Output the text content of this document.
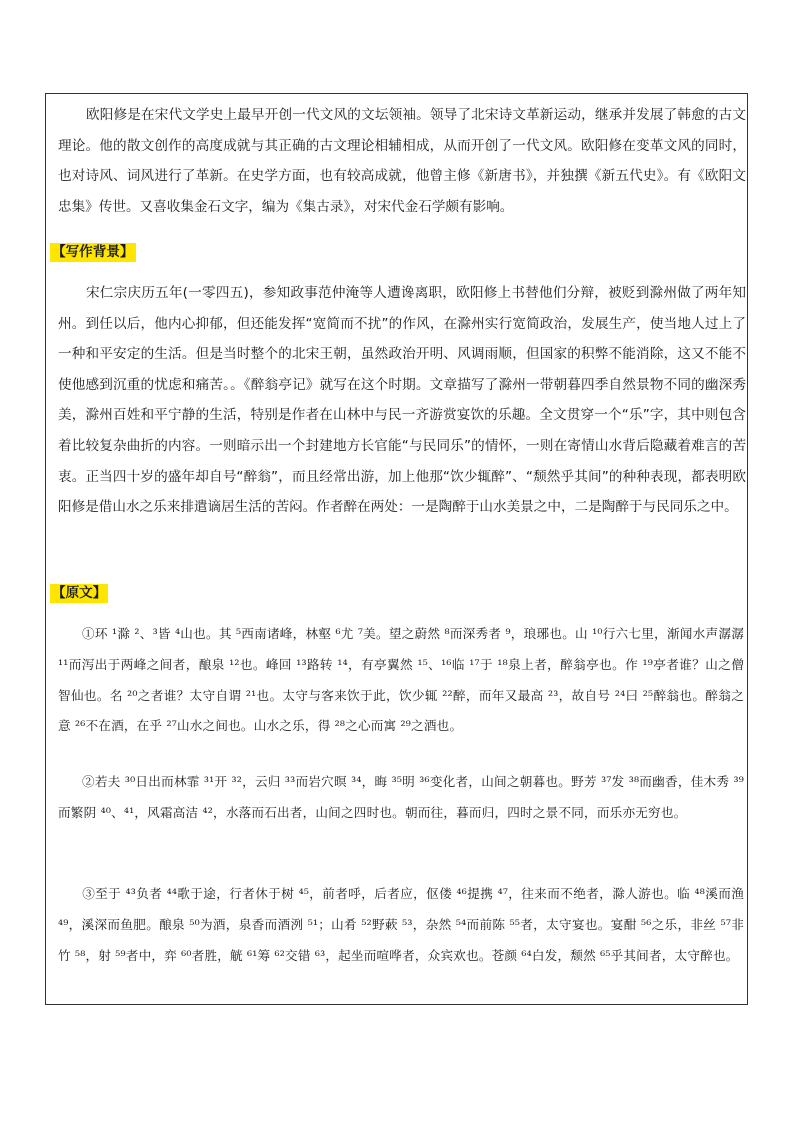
欧阳修是在宋代文学史上最早开创一代文风的文坛领袖。领导了北宋诗文革新运动，继承并发展了韩愈的古文理论。他的散文创作的高度成就与其正确的古文理论相辅相成，从而开创了一代文风。欧阳修在变革文风的同时，也对诗风、词风进行了革新。在史学方面，也有较高成就，他曾主修《新唐书》，并独撰《新五代史》。有《欧阳文忠集》传世。又喜收集金石文字，编为《集古录》，对宋代金石学颇有影响。

【写作背景】

宋仁宗庆历五年(一零四五)，参知政事范仲淹等人遭谗离职，欧阳修上书替他们分辩，被贬到滁州做了两年知州。到任以后，他内心抑郁，但还能发挥“宽简而不扰”的作风，在滁州实行宽简政治，发展生产，使当地人过上了一种和平安定的生活。但是当时整个的北宋王朝，虽然政治开明、风调雨顺，但国家的积弊不能消除，这又不能不使他感到沉重的忧虑和痛苦。。《醉翁亭记》就写在这个时期。文章描写了滁州一带朝暮四季自然景物不同的幽深秀美，滁州百姓和平宁静的生活，特别是作者在山林中与民一齐游赏宴饮的乐趣。全文贯穿一个“乐”字，其中则包含着比较复杂曲折的内容。一则暗示出一个封建地方长官能“与民同乐”的情怀，一则在寄情山水背后隐藏着难言的苦衷。正当四十岁的盛年却自号“醉翁”，而且经常出游，加上他那“饮少辄醉”、“颓然乎其间”的种种表现，都表明欧阳修是借山水之乐来排遣谪居生活的苦闷。作者醉在两处：一是陶醉于山水美景之中，二是陶醉于与民同乐之中。

【原文】

①环 ¹滁 ²、³皆 ⁴山也。其 ⁵西南诸峰，林壑 ⁶尤 ⁷美。望之蔚然 ⁸而深秀者 ⁹，琅琊也。山 ¹⁰行六七里，渐闻水声潺潺 ¹¹而泻出于两峰之间者，酿泉 ¹²也。峰回 ¹³路转 ¹⁴，有亭翼然 ¹⁵、¹⁶临 ¹⁷于 ¹⁸泉上者，醉翁亭也。作 ¹⁹亭者谁？山之僧智仙也。名 ²⁰之者谁？太守自谓 ²¹也。太守与客来饮于此，饮少辄 ²²醉，而年又最高 ²³，故自号 ²⁴曰 ²⁵醉翁也。醉翁之意 ²⁶不在酒，在乎 ²⁷山水之间也。山水之乐，得 ²⁸之心而寓 ²⁹之酒也。

②若夫 ³⁰日出而林霏 ³¹开 ³²，云归 ³³而岩穴暝 ³⁴，晦 ³⁵明 ³⁶变化者，山间之朝暮也。野芳 ³⁷发 ³⁸而幽香，佳木秀 ³⁹而繁阴 ⁴⁰、⁴¹，风霜高洁 ⁴²，水落而石出者，山间之四时也。朝而往，暮而归，四时之景不同，而乐亦无穷也。

③至于 ⁴³负者 ⁴⁴歌于途，行者休于树 ⁴⁵，前者呼，后者应，伛偻 ⁴⁶提携 ⁴⁷，往来而不绝者，滁人游也。临 ⁴⁸溪而渔 ⁴⁹，溪深而鱼肥。酿泉 ⁵⁰为酒，泉香而酒洌 ⁵¹；山肴 ⁵²野蔌 ⁵³，杂然 ⁵⁴而前陈 ⁵⁵者，太守宴也。宴酣 ⁵⁶之乐，非丝 ⁵⁷非竹 ⁵⁸，射 ⁵⁹者中，弈 ⁶⁰者胜，觥 ⁶¹筹 ⁶²交错 ⁶³，起坐而喧哗者，众宾欢也。苍颜 ⁶⁴白发，颓然 ⁶⁵乎其间者，太守醉也。
